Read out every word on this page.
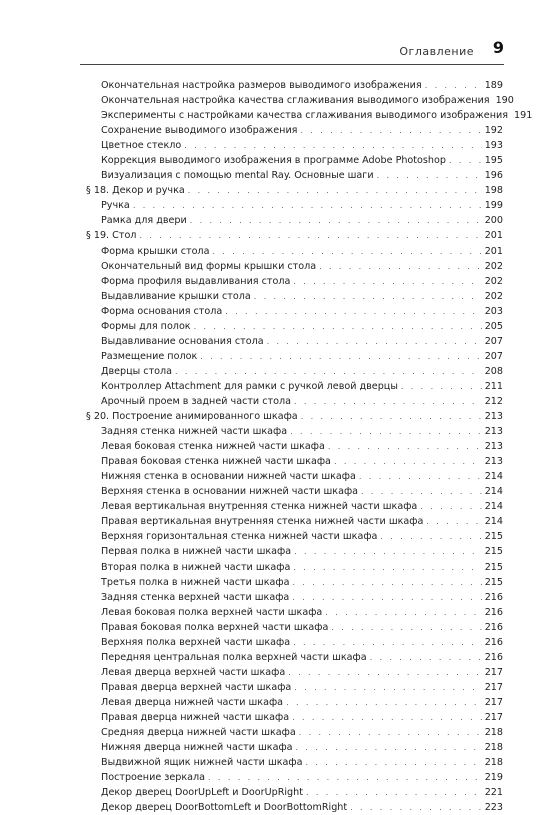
Оглавление 9
Окончательная настройка размеров выводимого изображения . . .	189
Окончательная настройка качества сглаживания выводимого изображения 190
Эксперименты с настройками качества сглаживания выводимого изображения 191
Сохранение выводимого изображения . . .	192
Цветное стекло . . .	193
Коррекция выводимого изображения в программе Adobe Photoshop . . .	195
Визуализация с помощью mental Ray. Основные шаги . . .	196
§ 18. Декор и ручка . . .	198
Ручка . . .	199
Рамка для двери . . .	200
§ 19. Стол . . .	201
Форма крышки стола . . .	201
Окончательный вид формы крышки стола . . .	202
Форма профиля выдавливания стола . . .	202
Выдавливание крышки стола . . .	202
Форма основания стола . . .	203
Формы для полок . . .	205
Выдавливание основания стола . . .	207
Размещение полок . . .	207
Дверцы стола . . .	208
Контроллер Attachment для рамки с ручкой левой дверцы . . .	211
Арочный проем в задней части стола . . .	212
§ 20. Построение анимированного шкафа . . .	213
Задняя стенка нижней части шкафа . . .	213
Левая боковая стенка нижней части шкафа . . .	213
Правая боковая стенка нижней части шкафа . . .	213
Нижняя стенка в основании нижней части шкафа . . .	214
Верхняя стенка в основании нижней части шкафа . . .	214
Левая вертикальная внутренняя стенка нижней части шкафа . . .	214
Правая вертикальная внутренняя стенка нижней части шкафа . . .	214
Верхняя горизонтальная стенка нижней части шкафа . . .	215
Первая полка в нижней части шкафа . . .	215
Вторая полка в нижней части шкафа . . .	215
Третья полка в нижней части шкафа . . .	215
Задняя стенка верхней части шкафа . . .	216
Левая боковая полка верхней части шкафа . . .	216
Правая боковая полка верхней части шкафа . . .	216
Верхняя полка верхней части шкафа . . .	216
Передняя центральная полка верхней части шкафа . . .	216
Левая дверца верхней части шкафа . . .	217
Правая дверца верхней части шкафа . . .	217
Левая дверца нижней части шкафа . . .	217
Правая дверца нижней части шкафа . . .	217
Средняя дверца нижней части шкафа . . .	218
Нижняя дверца нижней части шкафа . . .	218
Выдвижной ящик нижней части шкафа . . .	218
Построение зеркала . . .	219
Декор дверец DoorUpLeft и DoorUpRight . . .	221
Декор дверец DoorBottomLeft и DoorBottomRight . . .	223
